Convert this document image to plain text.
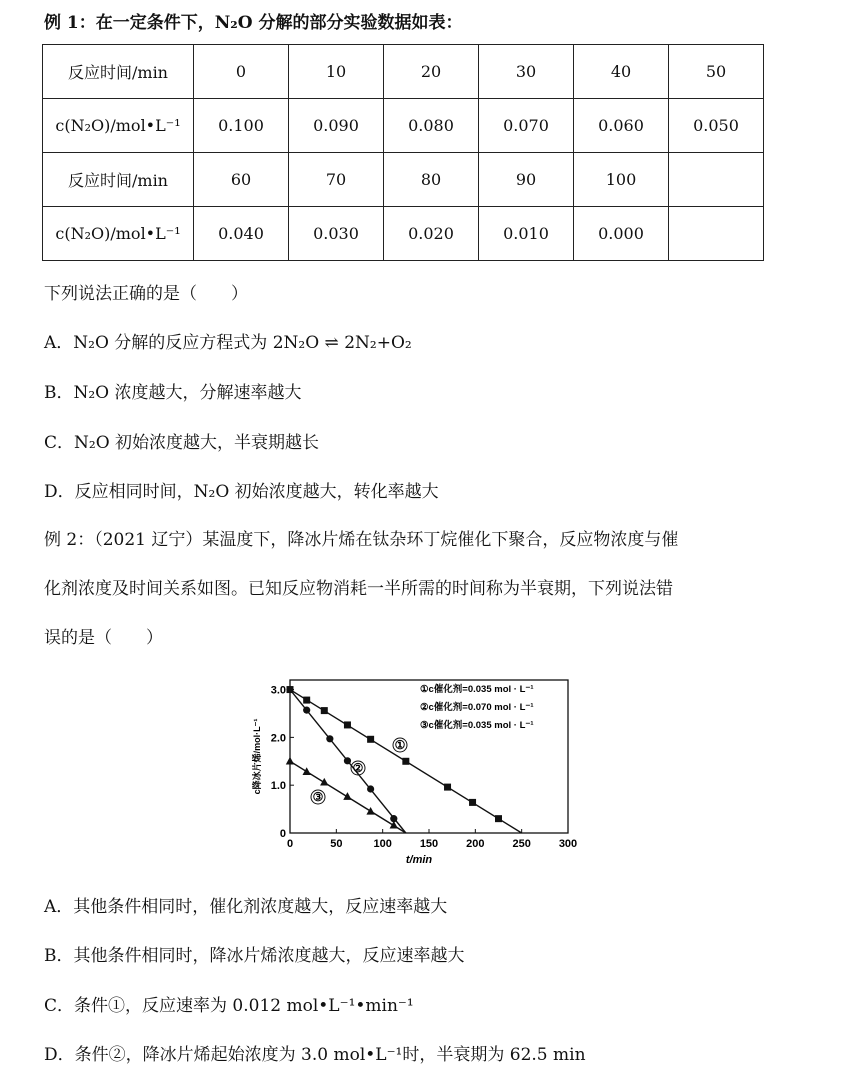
例 1：在一定条件下，N₂O 分解的部分实验数据如表：
反应时间/min	0	10	20	30	40	50
c(N₂O)/mol•L⁻¹	0.100	0.090	0.080	0.070	0.060	0.050
反应时间/min	60	70	80	90	100	
c(N₂O)/mol•L⁻¹	0.040	0.030	0.020	0.010	0.000	
下列说法正确的是（　　）
A．N₂O 分解的反应方程式为 2N₂O ⇌ 2N₂+O₂
B．N₂O 浓度越大，分解速率越大
C．N₂O 初始浓度越大，半衰期越长
D．反应相同时间，N₂O 初始浓度越大，转化率越大
例 2：（2021 辽宁）某温度下，降冰片烯在钛杂环丁烷催化下聚合，反应物浓度与催
化剂浓度及时间关系如图。已知反应物消耗一半所需的时间称为半衰期，下列说法错
误的是（　　）
0	50	100	150	200	250	300
0
1.0
2.0
3.0
t/min
c降冰片烯/mol·L⁻¹	①
②
③
①c催化剂=0.035 mol · L⁻¹
②c催化剂=0.070 mol · L⁻¹
③c催化剂=0.035 mol · L⁻¹
A．其他条件相同时，催化剂浓度越大，反应速率越大
B．其他条件相同时，降冰片烯浓度越大，反应速率越大
C．条件①，反应速率为 0.012 mol•L⁻¹•min⁻¹
D．条件②，降冰片烯起始浓度为 3.0 mol•L⁻¹时，半衰期为 62.5 min
